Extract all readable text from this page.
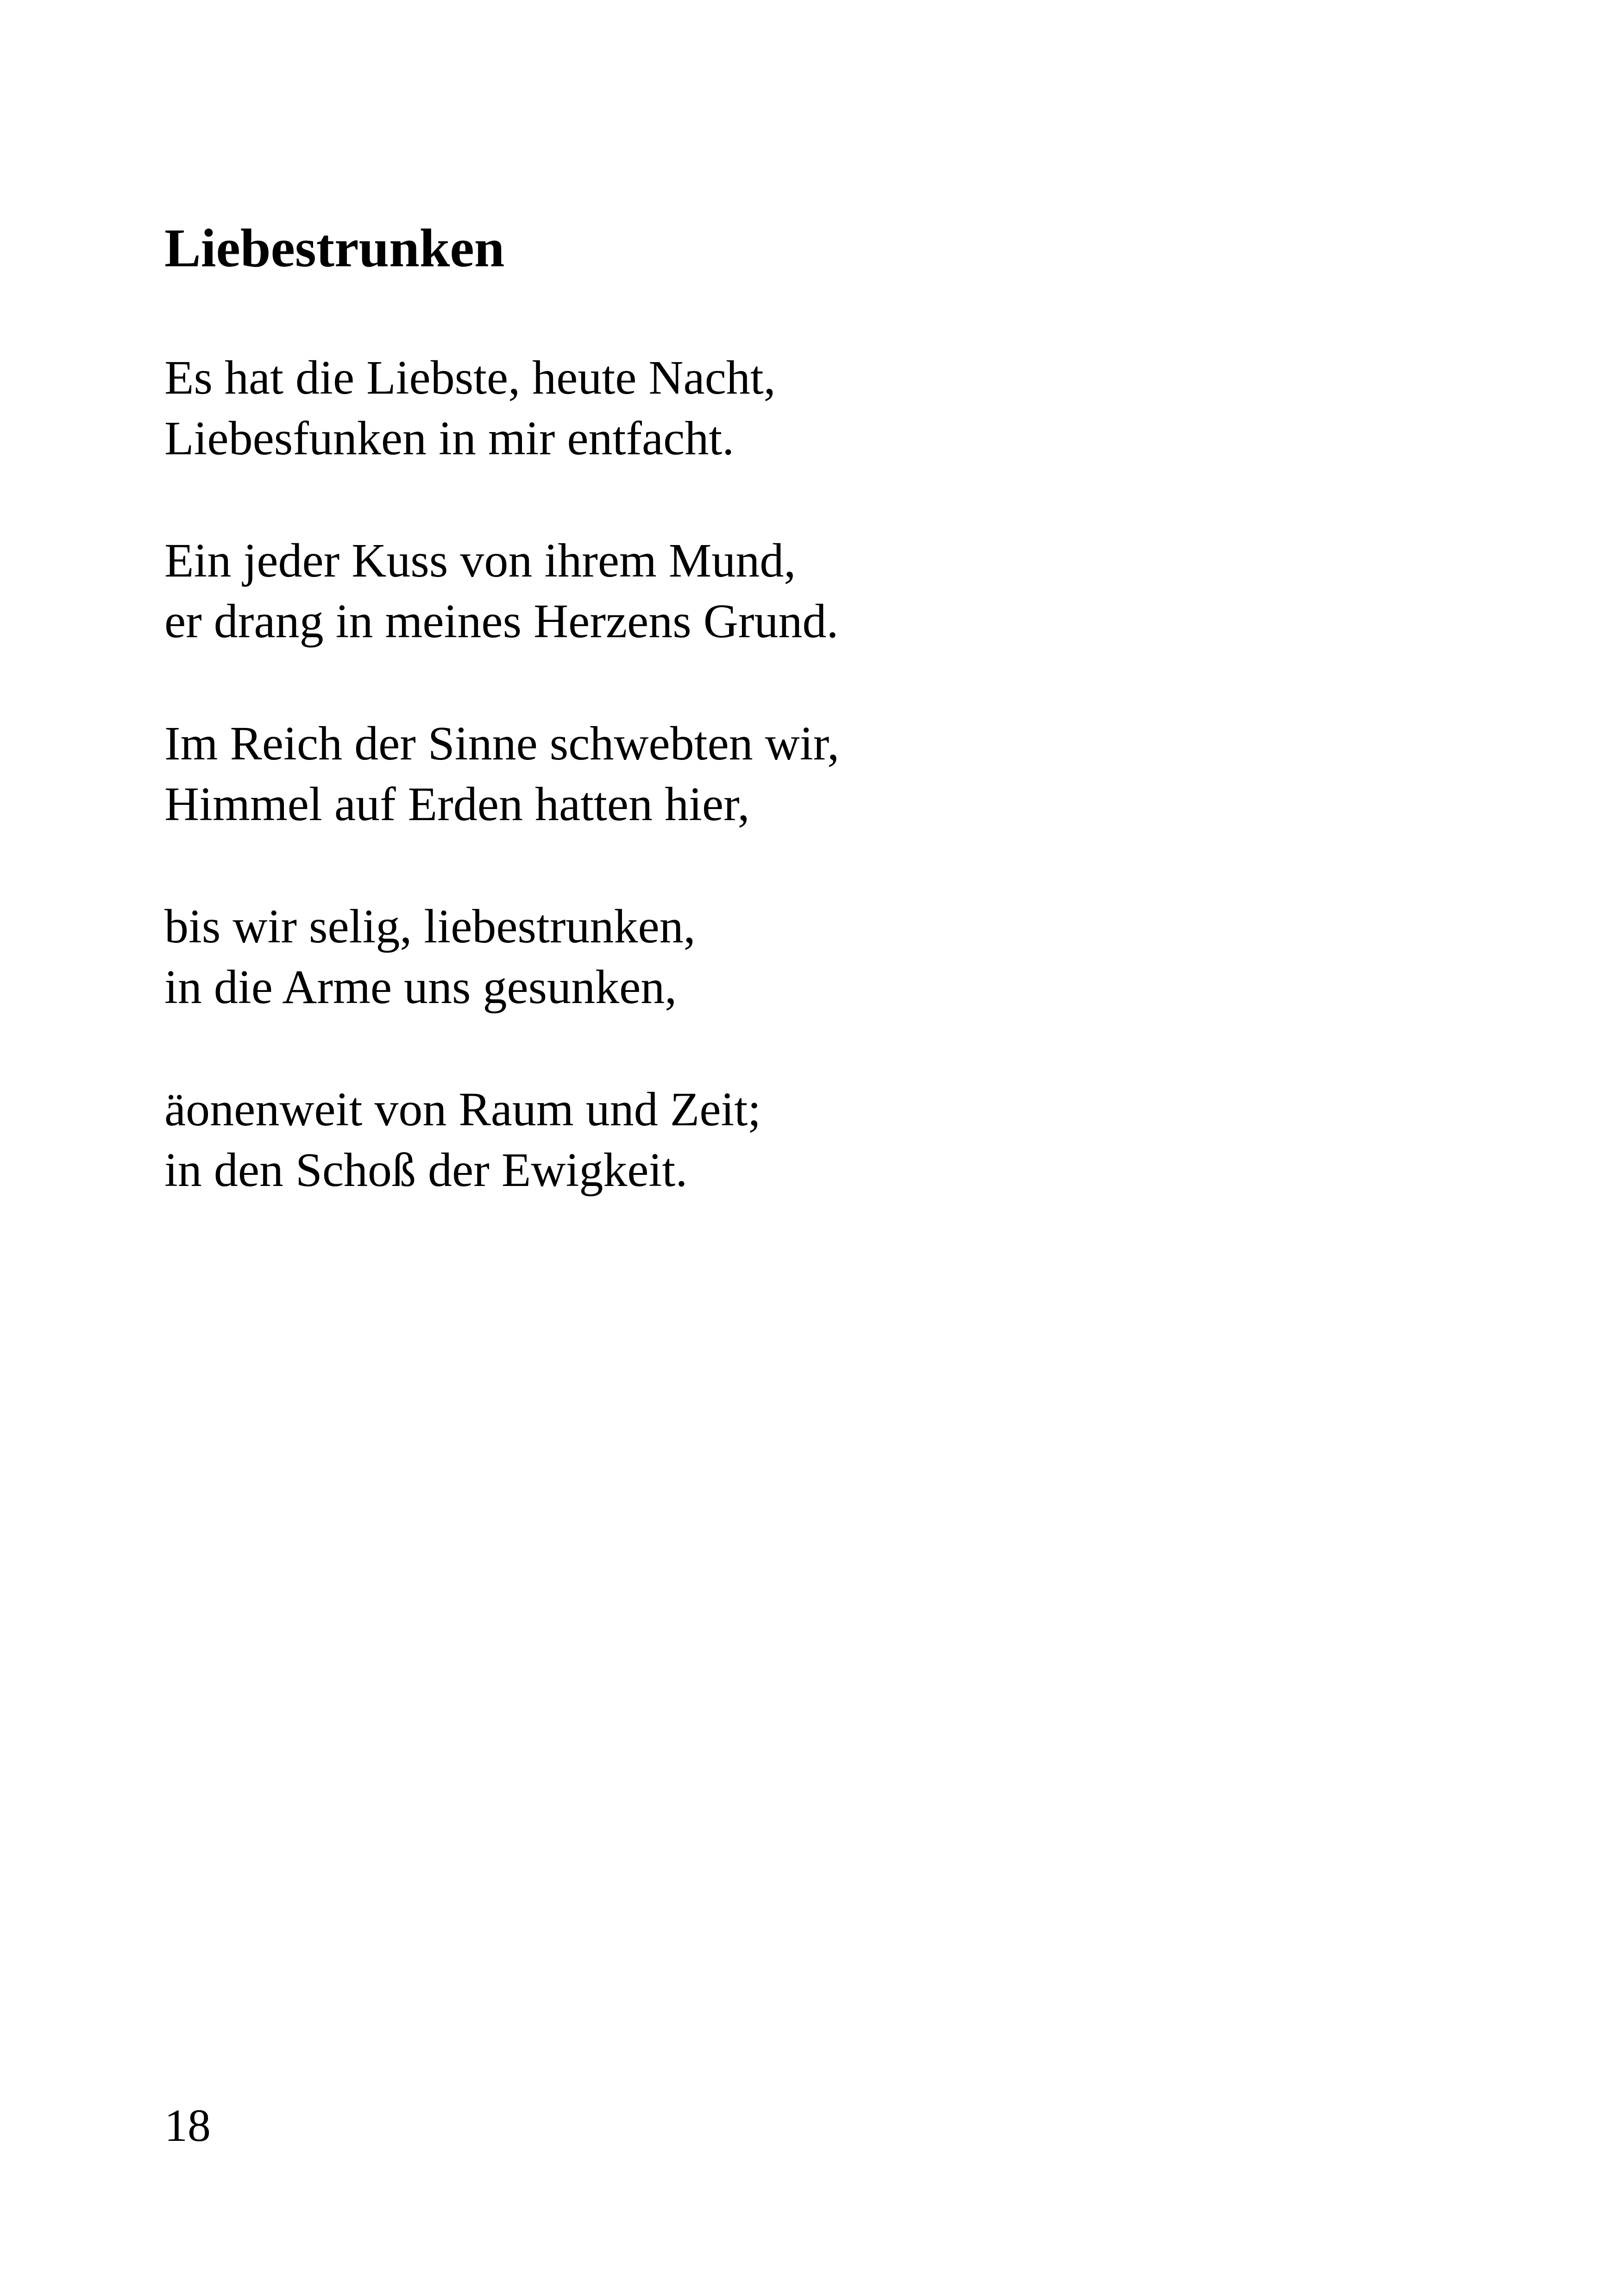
Liebestrunken
Es hat die Liebste, heute Nacht,
Liebesfunken in mir entfacht.
Ein jeder Kuss von ihrem Mund,
er drang in meines Herzens Grund.
Im Reich der Sinne schwebten wir,
Himmel auf Erden hatten hier,
bis wir selig, liebestrunken,
in die Arme uns gesunken,
äonenweit von Raum und Zeit;
in den Schoß der Ewigkeit.
18
